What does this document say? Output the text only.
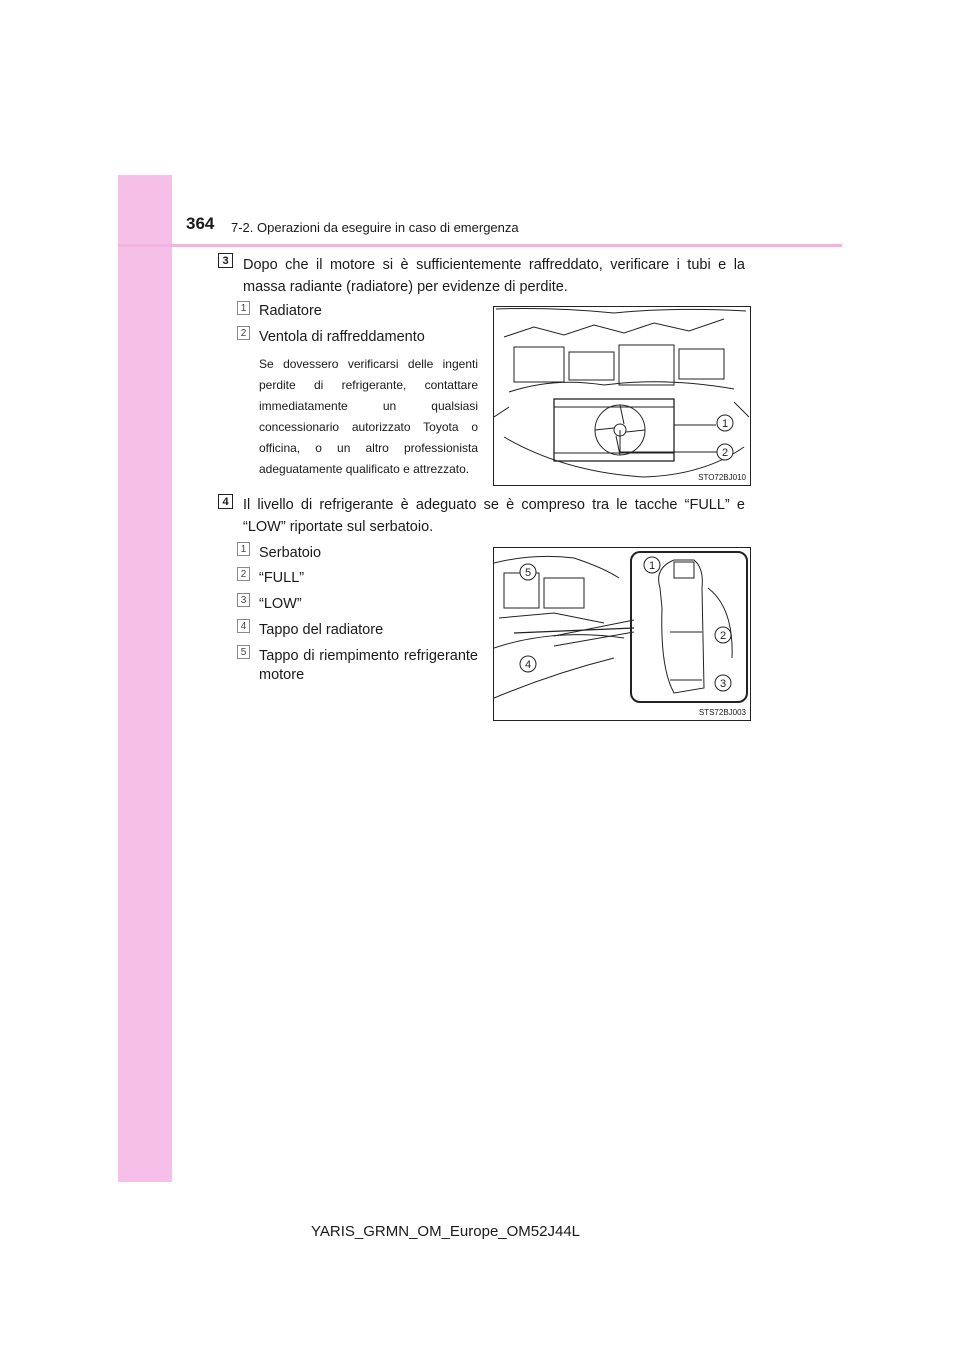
364 7-2. Operazioni da eseguire in caso di emergenza
3 Dopo che il motore si è sufficientemente raffreddato, verificare i tubi e la massa radiante (radiatore) per evidenze di perdite.
1 Radiatore
2 Ventola di raffreddamento
Se dovessero verificarsi delle ingenti perdite di refrigerante, contattare immediatamente un qualsiasi concessionario autorizzato Toyota o officina, o un altro professionista adeguatamente qualificato e attrezzato.
1
2
STO72BJ010
4 Il livello di refrigerante è adeguato se è compreso tra le tacche “FULL” e “LOW” riportate sul serbatoio.
1 Serbatoio
2 “FULL”
3 “LOW”
4 Tappo del radiatore
5 Tappo di riempimento refrigerante motore
1
2
3
4
5
STS72BJ003
YARIS_GRMN_OM_Europe_OM52J44L
